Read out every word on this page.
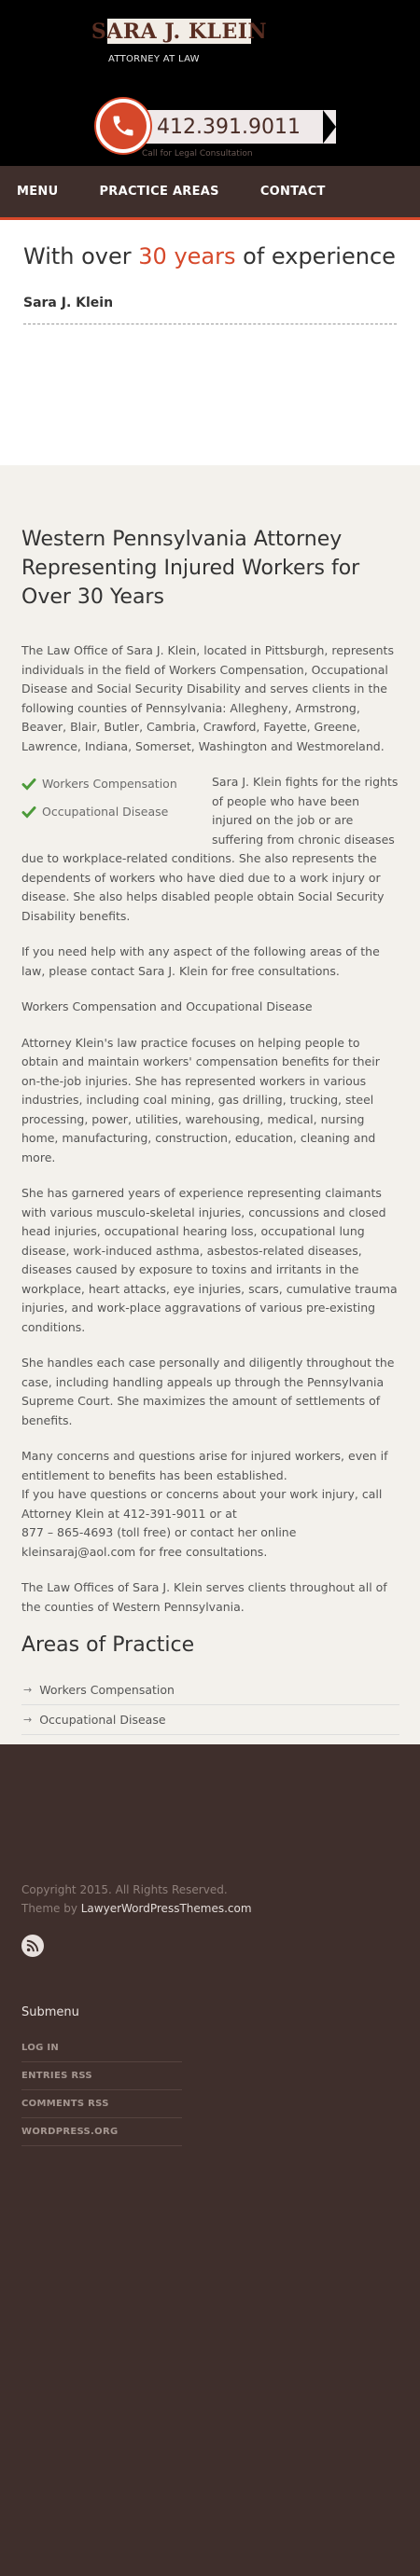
SARA J. KLEIN
ATTORNEY AT LAW
412.391.9011
Call for Legal Consultation
MENU	PRACTICE AREAS	CONTACT
With over 30 years of experience
Sara J. Klein
Western Pennsylvania Attorney Representing Injured Workers for Over 30 Years

The Law Office of Sara J. Klein, located in Pittsburgh, represents individuals in the field of Workers Compensation, Occupational Disease and Social Security Disability and serves clients in the following counties of Pennsylvania: Allegheny, Armstrong, Beaver, Blair, Butler, Cambria, Crawford, Fayette, Greene, Lawrence, Indiana, Somerset, Washington and Westmoreland.

Workers Compensation
Occupational Disease

Sara J. Klein fights for the rights of people who have been injured on the job or are suffering from chronic diseases due to workplace-related conditions. She also represents the dependents of workers who have died due to a work injury or disease. She also helps disabled people obtain Social Security Disability benefits.

If you need help with any aspect of the following areas of the law, please contact Sara J. Klein for free consultations.

Workers Compensation and Occupational Disease

Attorney Klein's law practice focuses on helping people to obtain and maintain workers' compensation benefits for their on-the-job injuries. She has represented workers in various industries, including coal mining, gas drilling, trucking, steel processing, power, utilities, warehousing, medical, nursing home, manufacturing, construction, education, cleaning and more.

She has garnered years of experience representing claimants with various musculo-skeletal injuries, concussions and closed head injuries, occupational hearing loss, occupational lung disease, work-induced asthma, asbestos-related diseases, diseases caused by exposure to toxins and irritants in the workplace, heart attacks, eye injuries, scars, cumulative trauma injuries, and work-place aggravations of various pre-existing conditions.

She handles each case personally and diligently throughout the case, including handling appeals up through the Pennsylvania Supreme Court. She maximizes the amount of settlements of benefits.

Many concerns and questions arise for injured workers, even if entitlement to benefits has been established.
If you have questions or concerns about your work injury, call Attorney Klein at 412-391-9011 or at
877 – 865-4693 (toll free) or contact her online kleinsaraj@aol.com for free consultations.

The Law Offices of Sara J. Klein serves clients throughout all of the counties of Western Pennsylvania.

Areas of Practice
→ Workers Compensation
→ Occupational Disease
Copyright 2015. All Rights Reserved.
Theme by LawyerWordPressThemes.com
Submenu
LOG IN
ENTRIES RSS
COMMENTS RSS
WORDPRESS.ORG
